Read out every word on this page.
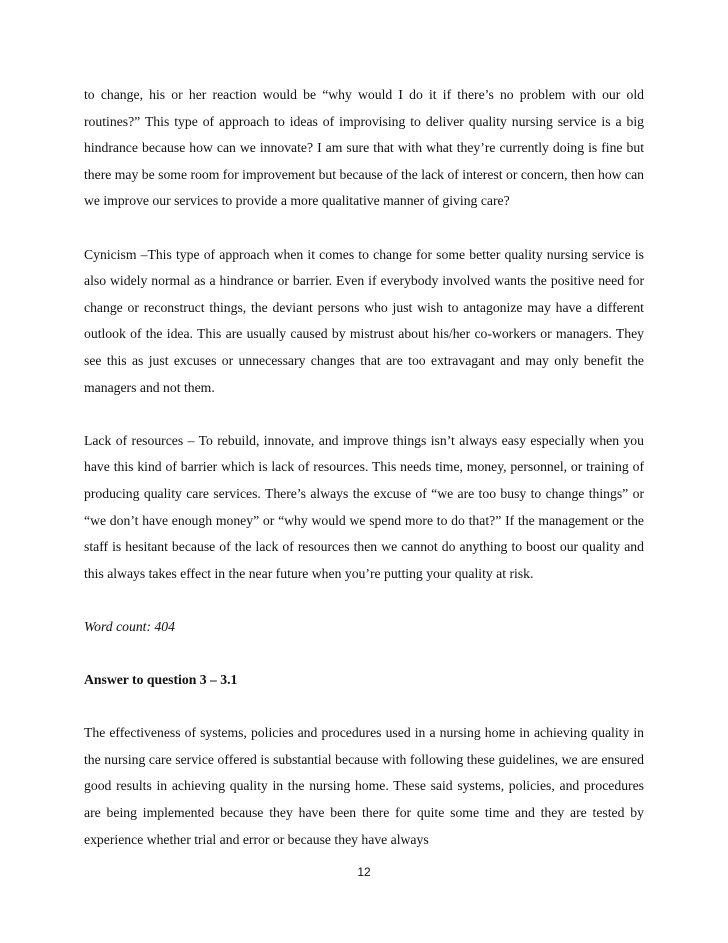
to change, his or her reaction would be “why would I do it if there’s no problem with our old routines?” This type of approach to ideas of improvising to deliver quality nursing service is a big hindrance because how can we innovate? I am sure that with what they’re currently doing is fine but there may be some room for improvement but because of the lack of interest or concern, then how can we improve our services to provide a more qualitative manner of giving care?

Cynicism –This type of approach when it comes to change for some better quality nursing service is also widely normal as a hindrance or barrier. Even if everybody involved wants the positive need for change or reconstruct things, the deviant persons who just wish to antagonize may have a different outlook of the idea. This are usually caused by mistrust about his/her co-workers or managers. They see this as just excuses or unnecessary changes that are too extravagant and may only benefit the managers and not them.

Lack of resources – To rebuild, innovate, and improve things isn’t always easy especially when you have this kind of barrier which is lack of resources. This needs time, money, personnel, or training of producing quality care services. There’s always the excuse of “we are too busy to change things” or “we don’t have enough money” or “why would we spend more to do that?” If the management or the staff is hesitant because of the lack of resources then we cannot do anything to boost our quality and this always takes effect in the near future when you’re putting your quality at risk.

Word count: 404

Answer to question 3 – 3.1

The effectiveness of systems, policies and procedures used in a nursing home in achieving quality in the nursing care service offered is substantial because with following these guidelines, we are ensured good results in achieving quality in the nursing home. These said systems, policies, and procedures are being implemented because they have been there for quite some time and they are tested by experience whether trial and error or because they have always

12
